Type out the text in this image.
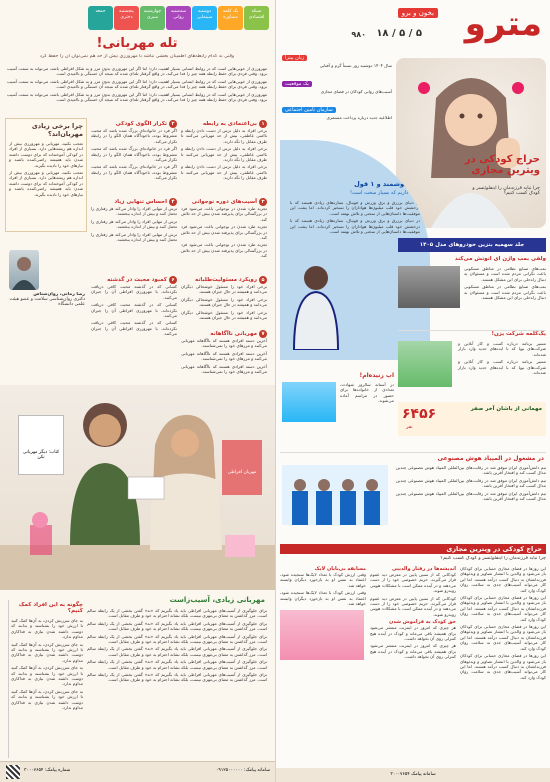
شبکه اقتصادی
یک کلمه مشاوره
دوشنبه سینمایی
سه‌شنبه روانی
چهارشنبه سبزی
پنجشنبه دختری
جمعه
تله مهربانی!
وقتی به کدام رابطه‌های اطمینان بخشی نباشد با مهرورزی بیش از حد هم نمی‌توان آن را حفظ کرد

مهرورزی از خوبی‌هایی است که در روابط انسانی بسیار اهمیت دارد؛ اما اگر این مهرورزی بدون مرز و به شکل افراطی باشد، می‌تواند به سمت آسیب برود. وقتی فردی برای حفظ رابطه همه چیز را فدا می‌کند، در واقع گرفتار تله‌ای شده که نتیجه آن خستگی و ناامیدی است.

مهرورزی از خوبی‌هایی است که در روابط انسانی بسیار اهمیت دارد؛ اما اگر این مهرورزی بدون مرز و به شکل افراطی باشد، می‌تواند به سمت آسیب برود. وقتی فردی برای حفظ رابطه همه چیز را فدا می‌کند، در واقع گرفتار تله‌ای شده که نتیجه آن خستگی و ناامیدی است.

مهرورزی از خوبی‌هایی است که در روابط انسانی بسیار اهمیت دارد؛ اما اگر این مهرورزی بدون مرز و به شکل افراطی باشد، می‌تواند به سمت آسیب برود. وقتی فردی برای حفظ رابطه همه چیز را فدا می‌کند، در واقع گرفتار تله‌ای شده که نتیجه آن خستگی و ناامیدی است.

چرا برخی زیادی مهربان‌اند؟

تعجب نکنید، مهربانی و مهرورزی بیش از اندازه هم ریشه‌هایی دارد. بسیاری از افراد در کودکی آموخته‌اند که برای دوست داشته شدن باید همیشه راضی‌کننده باشند و نیازهای خود را نادیده بگیرند.

تعجب نکنید، مهربانی و مهرورزی بیش از اندازه هم ریشه‌هایی دارد. بسیاری از افراد در کودکی آموخته‌اند که برای دوست داشته شدن باید همیشه راضی‌کننده باشند و نیازهای خود را نادیده بگیرند.

رضا زمانی، روان‌شناس
دکتری روان‌شناسی سلامت و عضو هیئت علمی دانشگاه
۱بی‌اعتمادی به رابطه

برخی افراد به دلیل ترس از دست دادن رابطه و ناامنی عاطفی، بیش از حد مهربانی می‌کنند تا طرف مقابل را نگه دارند.

برخی افراد به دلیل ترس از دست دادن رابطه و ناامنی عاطفی، بیش از حد مهربانی می‌کنند تا طرف مقابل را نگه دارند.

برخی افراد به دلیل ترس از دست دادن رابطه و ناامنی عاطفی، بیش از حد مهربانی می‌کنند تا طرف مقابل را نگه دارند.

۲تکرار الگوی کودکی

اگر فرد در خانواده‌ای بزرگ شده باشد که محبت مشروط بوده، ناخودآگاه همان الگو را در رابطه تکرار می‌کند.

اگر فرد در خانواده‌ای بزرگ شده باشد که محبت مشروط بوده، ناخودآگاه همان الگو را در رابطه تکرار می‌کند.

اگر فرد در خانواده‌ای بزرگ شده باشد که محبت مشروط بوده، ناخودآگاه همان الگو را در رابطه تکرار می‌کند.

۳آسیب‌های دوره نوجوانی

تجربه طرد شدن در نوجوانی باعث می‌شود فرد در بزرگسالی برای پذیرفته شدن بیش از حد تلاش کند.

تجربه طرد شدن در نوجوانی باعث می‌شود فرد در بزرگسالی برای پذیرفته شدن بیش از حد تلاش کند.

تجربه طرد شدن در نوجوانی باعث می‌شود فرد در بزرگسالی برای پذیرفته شدن بیش از حد تلاش کند.

۴احساس تنهایی زیاد

ترس از تنهایی افراد را وادار می‌کند هر رفتاری را تحمل کنند و بیش از اندازه ببخشند.

ترس از تنهایی افراد را وادار می‌کند هر رفتاری را تحمل کنند و بیش از اندازه ببخشند.

ترس از تنهایی افراد را وادار می‌کند هر رفتاری را تحمل کنند و بیش از اندازه ببخشند.

۵رویکرد مسئولیت‌طلبانه

برخی افراد خود را مسئول خوشحالی دیگران می‌دانند و همیشه در حال جبران هستند.

برخی افراد خود را مسئول خوشحالی دیگران می‌دانند و همیشه در حال جبران هستند.

برخی افراد خود را مسئول خوشحالی دیگران می‌دانند و همیشه در حال جبران هستند.

۶کمبود محبت در گذشته

کسانی که در گذشته محبت کافی دریافت نکرده‌اند، با مهرورزی افراطی آن را جبران می‌کنند.

کسانی که در گذشته محبت کافی دریافت نکرده‌اند، با مهرورزی افراطی آن را جبران می‌کنند.

کسانی که در گذشته محبت کافی دریافت نکرده‌اند، با مهرورزی افراطی آن را جبران می‌کنند.	۷مهربانی ناآگاهانه

آخرین دسته افرادی هستند که ناآگاهانه مهربانی می‌کنند و مرزهای خود را نمی‌شناسند.

آخرین دسته افرادی هستند که ناآگاهانه مهربانی می‌کنند و مرزهای خود را نمی‌شناسند.

آخرین دسته افرادی هستند که ناآگاهانه مهربانی می‌کنند و مرزهای خود را نمی‌شناسند.

کتاب: دیگر مهربانی نکن
مهربان افراطی
مهربانی زیادی، آسیب‌زاست

برای جلوگیری از آسیب‌های مهربانی افراطی باید یاد بگیریم که «نه» گفتن بخشی از یک رابطه سالم است. مرز گذاشتن به معنای بی‌مهری نیست، بلکه نشانه احترام به خود و طرف مقابل است.

برای جلوگیری از آسیب‌های مهربانی افراطی باید یاد بگیریم که «نه» گفتن بخشی از یک رابطه سالم است. مرز گذاشتن به معنای بی‌مهری نیست، بلکه نشانه احترام به خود و طرف مقابل است.

برای جلوگیری از آسیب‌های مهربانی افراطی باید یاد بگیریم که «نه» گفتن بخشی از یک رابطه سالم است. مرز گذاشتن به معنای بی‌مهری نیست، بلکه نشانه احترام به خود و طرف مقابل است.

برای جلوگیری از آسیب‌های مهربانی افراطی باید یاد بگیریم که «نه» گفتن بخشی از یک رابطه سالم است. مرز گذاشتن به معنای بی‌مهری نیست، بلکه نشانه احترام به خود و طرف مقابل است.

برای جلوگیری از آسیب‌های مهربانی افراطی باید یاد بگیریم که «نه» گفتن بخشی از یک رابطه سالم است. مرز گذاشتن به معنای بی‌مهری نیست، بلکه نشانه احترام به خود و طرف مقابل است.

برای جلوگیری از آسیب‌های مهربانی افراطی باید یاد بگیریم که «نه» گفتن بخشی از یک رابطه سالم است. مرز گذاشتن به معنای بی‌مهری نیست، بلکه نشانه احترام به خود و طرف مقابل است.

چگونه به این افراد کمک کنیم؟

به جای سرزنش کردن، به آن‌ها کمک کنید تا ارزش خود را بشناسند و بدانند که دوست داشته شدن نیازی به فداکاری مداوم ندارد.

به جای سرزنش کردن، به آن‌ها کمک کنید تا ارزش خود را بشناسند و بدانند که دوست داشته شدن نیازی به فداکاری مداوم ندارد.

به جای سرزنش کردن، به آن‌ها کمک کنید تا ارزش خود را بشناسند و بدانند که دوست داشته شدن نیازی به فداکاری مداوم ندارد.

به جای سرزنش کردن، به آن‌ها کمک کنید تا ارزش خود را بشناسند و بدانند که دوست داشته شدن نیازی به فداکاری مداوم ندارد.

شماره پیامک: ۳۰۰۰۷۶۵۴	سامانه پیامک: ۰۹۱۲۵۰۰۰۰۰۰
مترو
بخون و برو
۵ / ۵ / ۱۸
۹۸۰
زنان پیتزا
سال ۱۴۰۴ دوشنبه روز نسبتاً گرم و آفتابی
یک موقعیت
آسیب‌های روانی کودکان در فضای مجازی
سازمان تأمین اجتماعی
اطلاعیه جدید درباره پرداخت مستمری
حراج کودکی در ویترین مجازی
چرا نباید فرزندمان را اینفلوئنسر و کودک کسب کنیم؟
یک هوشمند و ۱ قول
قبول داریم که بسیار سخت است!

در دنیای پرزرق و برق ورزش و فوتبال، ستاره‌های زیادی هستند که با درخشش خود قلب میلیون‌ها هواداران را تسخیر کرده‌اند. اما پشت این موفقیت‌ها داستان‌هایی از سختی و تلاش نهفته است.

در دنیای پرزرق و برق ورزش و فوتبال، ستاره‌های زیادی هستند که با درخشش خود قلب میلیون‌ها هواداران را تسخیر کرده‌اند. اما پشت این موفقیت‌ها داستان‌هایی از سختی و تلاش نهفته است.

جلد سهمیه‌ بنزین خودروهای مدل ۱۴۰۵
ولفی بمب واژن آی اتوتش می‌کند

بمب‌های صنایع نظامی در مناطق مسکونی باعث نگرانی مردم شده است و مسئولان به دنبال راه‌حلی برای این مشکل هستند.

بمب‌های صنایع نظامی در مناطق مسکونی باعث نگرانی مردم شده است و مسئولان به دنبال راه‌حلی برای این مشکل هستند.

یک‌کلمه شرکت یزن!

مسیر برنامه درباره کسب و کار آنلاین و شرکت‌های نوپا که با ایده‌های جدید وارد بازار شده‌اند.

مسیر برنامه درباره کسب و کار آنلاین و شرکت‌های نوپا که با ایده‌های جدید وارد بازار شده‌اند.

آب زنیده‌ام!

در آستانه سالروز شهادت، تعدادی از خانواده‌ها برای حضور در مراسم آماده می‌شوند.

۶۴۵۶
نفر
مهمانی از باشان آخر صفر
در مشغول در المپیاد هوش مصنوعی

تیم دانش‌آموزی ایران موفق شد در رقابت‌های بین‌المللی المپیاد هوش مصنوعی چندین مدال کسب کند و افتخار آفرین باشد.

تیم دانش‌آموزی ایران موفق شد در رقابت‌های بین‌المللی المپیاد هوش مصنوعی چندین مدال کسب کند و افتخار آفرین باشد.

تیم دانش‌آموزی ایران موفق شد در رقابت‌های بین‌المللی المپیاد هوش مصنوعی چندین مدال کسب کند و افتخار آفرین باشد.

حراج کودکی در ویترین مجازی
چرا نباید فرزندمان را اینفلوئنسر و کودک کسب کنیم؟

این روزها در فضای مجازی حسابی برای کودکان باز می‌شود و والدین با انتشار تصاویر و ویدئوهای فرزندانشان به دنبال کسب درآمد هستند. اما این کار می‌تواند آسیب‌های جدی به سلامت روان کودک وارد کند.

این روزها در فضای مجازی حسابی برای کودکان باز می‌شود و والدین با انتشار تصاویر و ویدئوهای فرزندانشان به دنبال کسب درآمد هستند. اما این کار می‌تواند آسیب‌های جدی به سلامت روان کودک وارد کند.

این روزها در فضای مجازی حسابی برای کودکان باز می‌شود و والدین با انتشار تصاویر و ویدئوهای فرزندانشان به دنبال کسب درآمد هستند. اما این کار می‌تواند آسیب‌های جدی به سلامت روان کودک وارد کند.

این روزها در فضای مجازی حسابی برای کودکان باز می‌شود و والدین با انتشار تصاویر و ویدئوهای فرزندانشان به دنبال کسب درآمد هستند. اما این کار می‌تواند آسیب‌های جدی به سلامت روان کودک وارد کند.

اندیشه‌ها در رفتار والدینی

کودکانی که از سنین پایین در معرض دید عموم قرار می‌گیرند، حریم خصوصی خود را از دست می‌دهند و در آینده ممکن است با مشکلات هویتی روبه‌رو شوند.

کودکانی که از سنین پایین در معرض دید عموم قرار می‌گیرند، حریم خصوصی خود را از دست می‌دهند و در آینده ممکن است با مشکلات هویتی روبه‌رو شوند.

حق کودک به فراموش شدن

هر چیزی که امروز در اینترنت منتشر می‌شود برای همیشه باقی می‌ماند و کودک در آینده هیچ کنترلی روی آن نخواهد داشت.

هر چیزی که امروز در اینترنت منتشر می‌شود برای همیشه باقی می‌ماند و کودک در آینده هیچ کنترلی روی آن نخواهد داشت.

مسابقه بی‌پایان لایک

وقتی ارزش کودک با تعداد لایک‌ها سنجیده شود، اعتماد به نفس او به بازخورد دیگران وابسته خواهد شد.

وقتی ارزش کودک با تعداد لایک‌ها سنجیده شود، اعتماد به نفس او به بازخورد دیگران وابسته خواهد شد.

سامانه پیامک ۳۰۰۰۷۶۵۴
